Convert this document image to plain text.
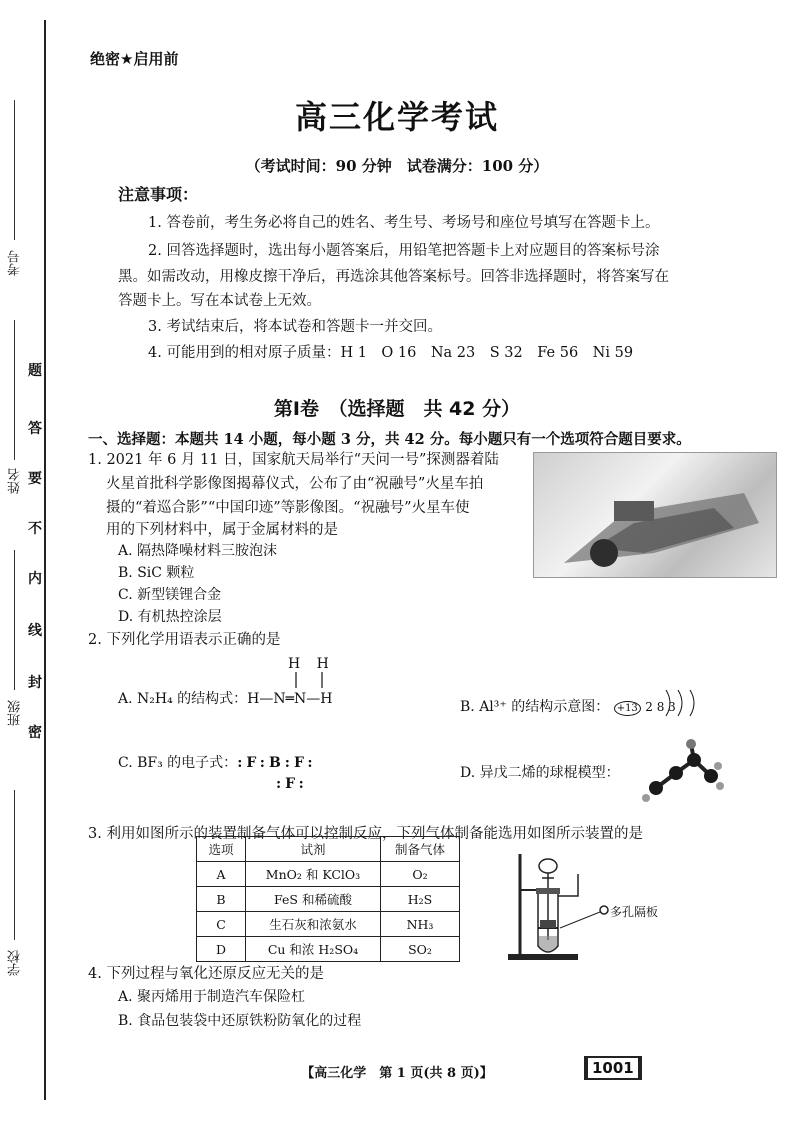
题
答
要
不
内
线
封
密
考号
姓名
班级
学校
绝密★启用前
高三化学考试
（考试时间：90 分钟　试卷满分：100 分）
注意事项：
1. 答卷前，考生务必将自己的姓名、考生号、考场号和座位号填写在答题卡上。
2. 回答选择题时，选出每小题答案后，用铅笔把答题卡上对应题目的答案标号涂
黑。如需改动，用橡皮擦干净后，再选涂其他答案标号。回答非选择题时，将答案写在
答题卡上。写在本试卷上无效。
3. 考试结束后，将本试卷和答题卡一并交回。
4. 可能用到的相对原子质量：H 1　O 16　Na 23　S 32　Fe 56　Ni 59
第Ⅰ卷　（选择题　共 42 分）
一、选择题：本题共 14 小题，每小题 3 分，共 42 分。每小题只有一个选项符合题目要求。
1. 2021 年 6 月 11 日，国家航天局举行“天问一号”探测器着陆
火星首批科学影像图揭幕仪式，公布了由“祝融号”火星车拍
摄的“着巡合影”“中国印迹”等影像图。“祝融号”火星车使
用的下列材料中，属于金属材料的是
A. 隔热降噪材料三胺泡沫
B. SiC 颗粒
C. 新型镁锂合金
D. 有机热控涂层
2. 下列化学用语表示正确的是
H H
A. N₂H₄ 的结构式：H—N═N—H	B. Al³⁺ 的结构示意图： +13 2 8 3
C. BF₃ 的电子式：:F:B:F:
:F:
D. 异戊二烯的球棍模型：
3. 利用如图所示的装置制备气体可以控制反应，下列气体制备能选用如图所示装置的是
选项	试剂	制备气体
A	MnO₂ 和 KClO₃	O₂
B	FeS 和稀硫酸	H₂S
C	生石灰和浓氨水	NH₃
D	Cu 和浓 H₂SO₄	SO₂
多孔隔板
4. 下列过程与氧化还原反应无关的是
A. 聚丙烯用于制造汽车保险杠
B. 食品包装袋中还原铁粉防氧化的过程
【高三化学　第 1 页(共 8 页)】	1001
